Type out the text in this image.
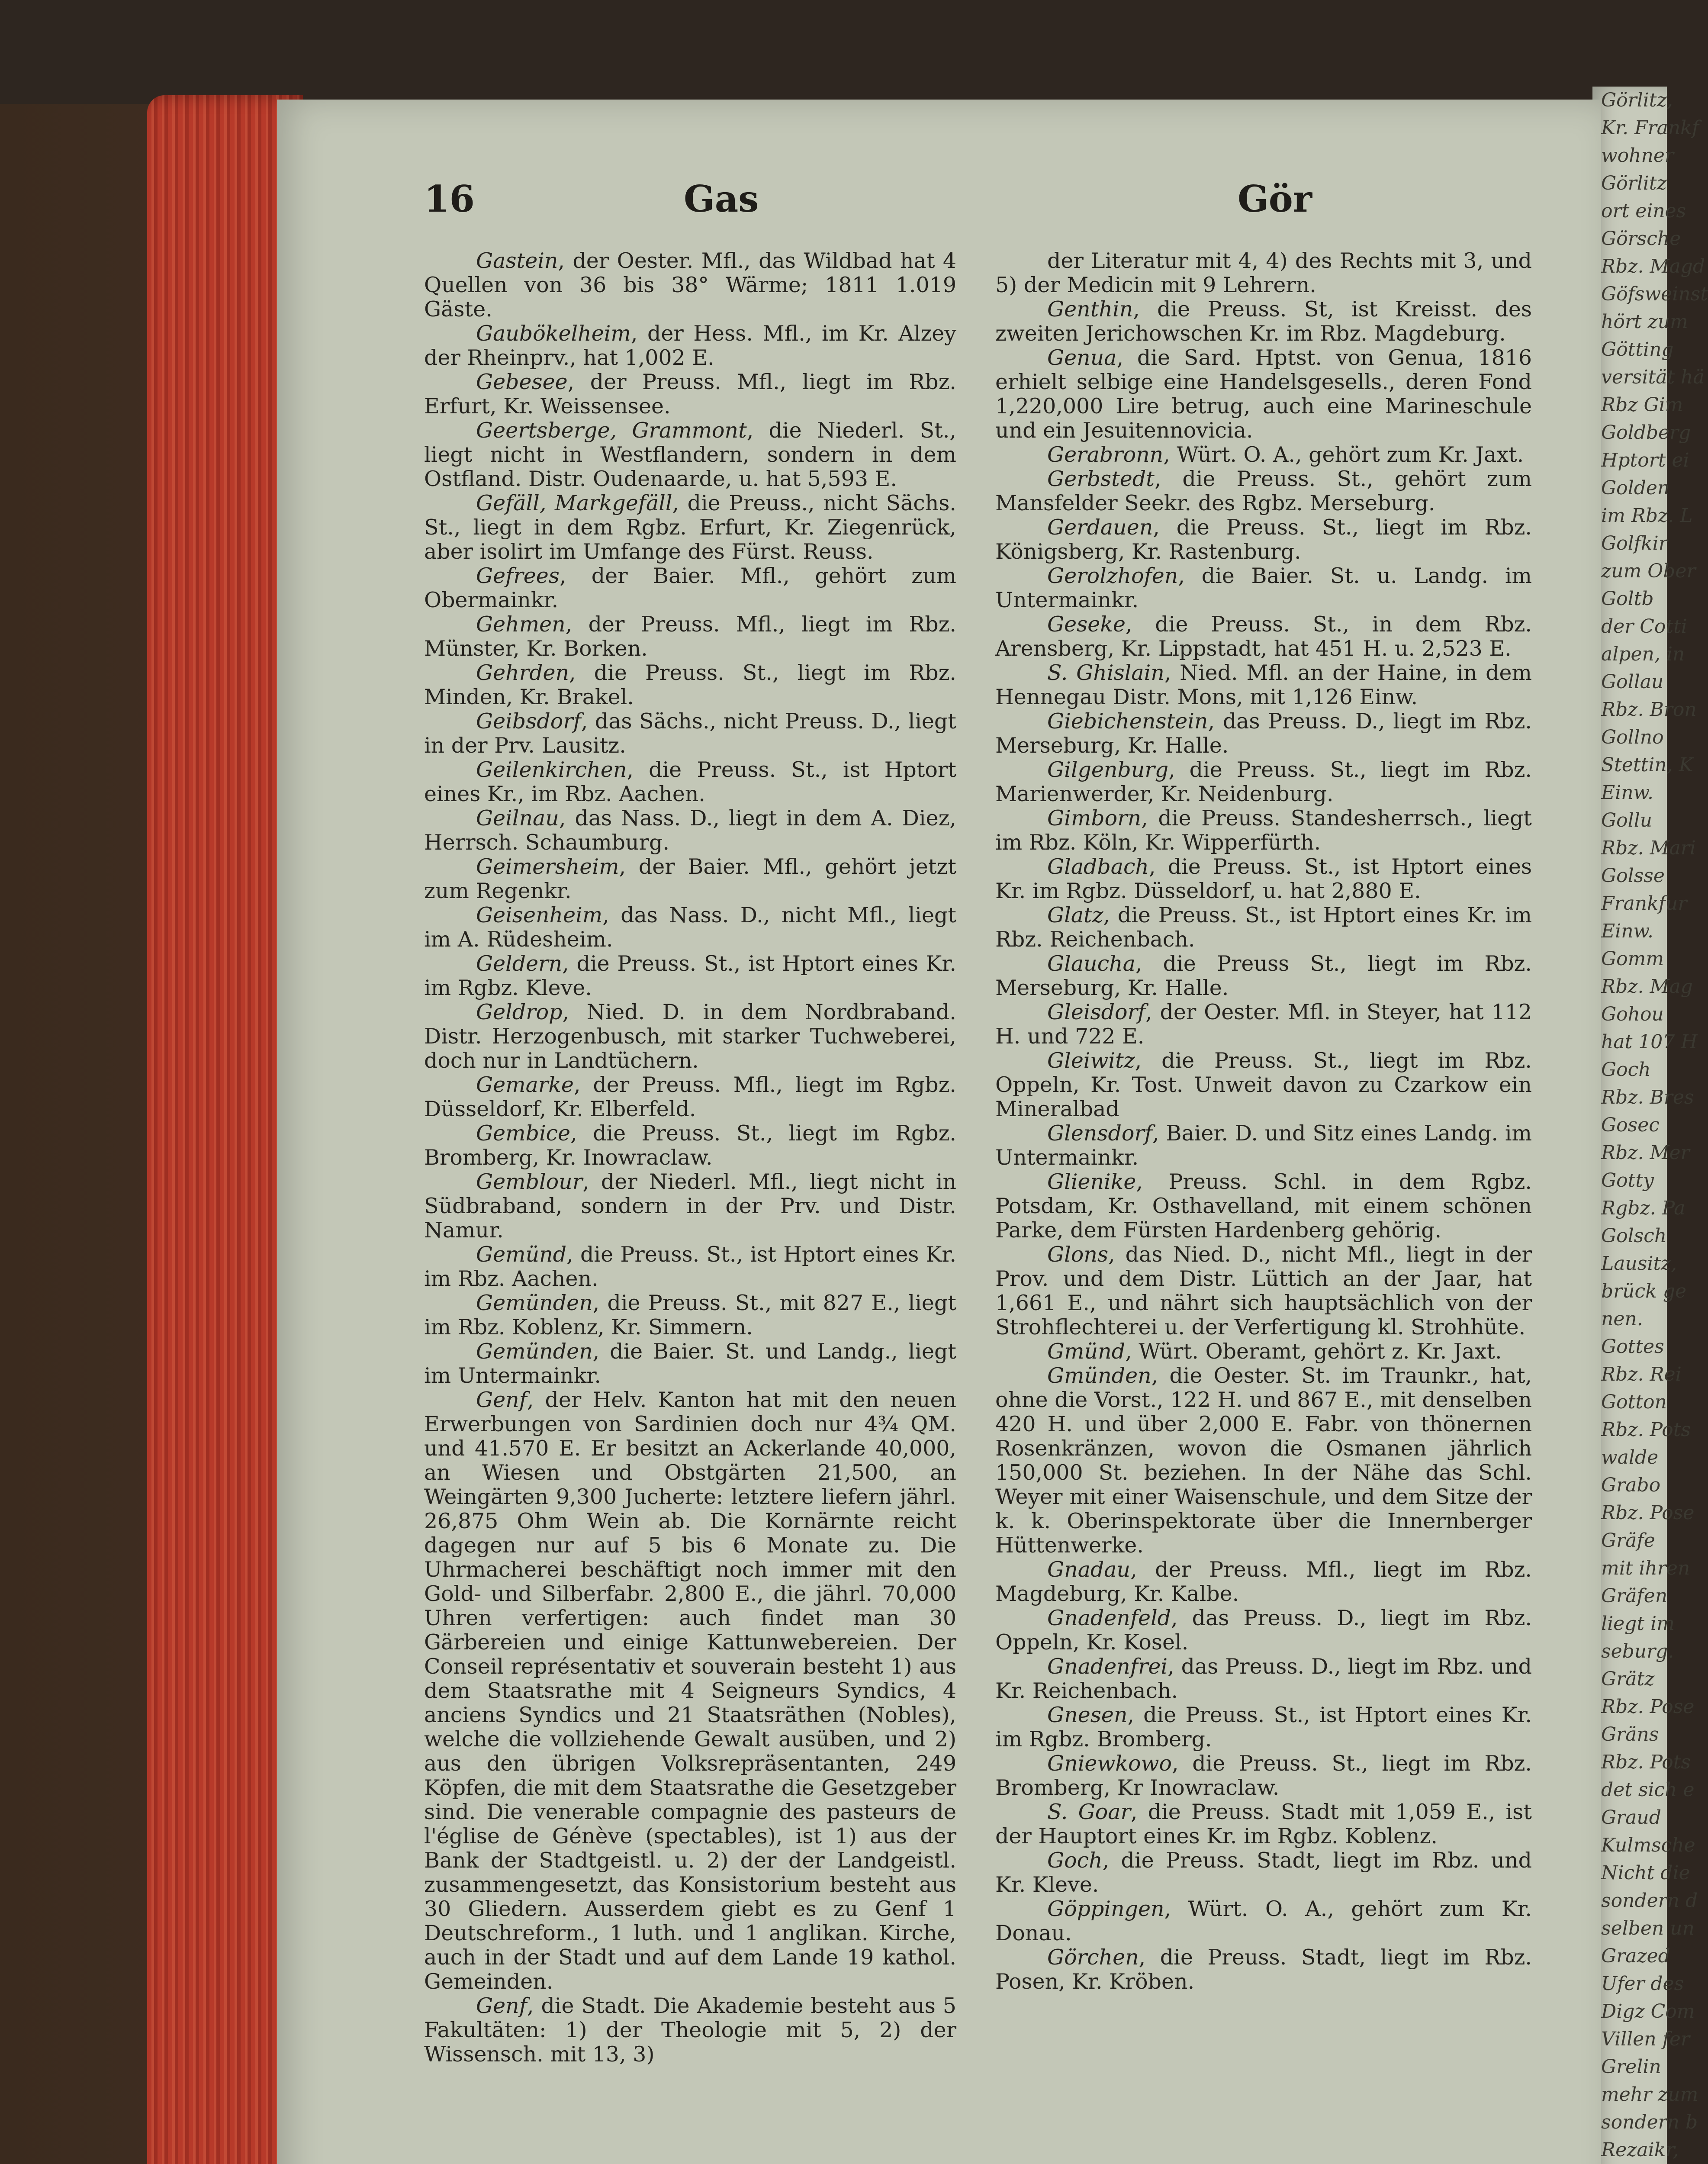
Görlitz,
Kr. Frankf
wohner
Görlitz
ort eines
Görsche
Rbz. Magd
Göfsweinst
hört zum
Götting
versität hä
Rbz Gim
Goldberg
Hptort ei
Golden
im Rbz. L
Golfkir
zum Ober
Goltb
der Cotti
alpen, in
Gollau
Rbz. Bron
Gollno
Stettin, K
Einw.
Gollu
Rbz. Mari
Golsse
Frankfur
Einw.
Gomm
Rbz. Mag
Gohou
hat 107 H
Goch
Rbz. Bres
Gosec
Rbz. Mer
Gotty
Rgbz. Pa
Golsch
Lausitz,
brück ge
nen.
Gottes
Rbz. Rei
Gotton
Rbz. Pots
walde
Grabo
Rbz. Pose
Gräfe
mit ihren
Gräfen
liegt im
seburg.
Grätz
Rbz. Pose
Gräns
Rbz. Pots
det sich e
Graud
Kulmsche
Nicht die
sondern d
selben un
Grazed
Ufer des
Digz Com
Villen fer
Grelin
mehr zum
sondern b
Rezaikr,
16	Gas	Gör

Gastein, der Oester. Mfl., das Wildbad hat 4 Quellen von 36 bis 38° Wärme; 1811 1.019 Gäste.

Gaubökelheim, der Hess. Mfl., im Kr. Alzey der Rheinprv., hat 1,002 E.

Gebesee, der Preuss. Mfl., liegt im Rbz. Erfurt, Kr. Weissensee.

Geertsberge, Grammont, die Niederl. St., liegt nicht in Westflandern, sondern in dem Ostfland. Distr. Oudenaarde, u. hat 5,593 E.

Gefäll, Markgefäll, die Preuss., nicht Sächs. St., liegt in dem Rgbz. Erfurt, Kr. Ziegenrück, aber isolirt im Umfange des Fürst. Reuss.

Gefrees, der Baier. Mfl., gehört zum Obermainkr.

Gehmen, der Preuss. Mfl., liegt im Rbz. Münster, Kr. Borken.

Gehrden, die Preuss. St., liegt im Rbz. Minden, Kr. Brakel.

Geibsdorf, das Sächs., nicht Preuss. D., liegt in der Prv. Lausitz.

Geilenkirchen, die Preuss. St., ist Hptort eines Kr., im Rbz. Aachen.

Geilnau, das Nass. D., liegt in dem A. Diez, Herrsch. Schaumburg.

Geimersheim, der Baier. Mfl., gehört jetzt zum Regenkr.

Geisenheim, das Nass. D., nicht Mfl., liegt im A. Rüdesheim.

Geldern, die Preuss. St., ist Hptort eines Kr. im Rgbz. Kleve.

Geldrop, Nied. D. in dem Nordbraband. Distr. Herzogenbusch, mit starker Tuchweberei, doch nur in Landtüchern.

Gemarke, der Preuss. Mfl., liegt im Rgbz. Düsseldorf, Kr. Elberfeld.

Gembice, die Preuss. St., liegt im Rgbz. Bromberg, Kr. Inowraclaw.

Gemblour, der Niederl. Mfl., liegt nicht in Südbraband, sondern in der Prv. und Distr. Namur.

Gemünd, die Preuss. St., ist Hptort eines Kr. im Rbz. Aachen.

Gemünden, die Preuss. St., mit 827 E., liegt im Rbz. Koblenz, Kr. Simmern.

Gemünden, die Baier. St. und Landg., liegt im Untermainkr.

Genf, der Helv. Kanton hat mit den neuen Erwerbungen von Sardinien doch nur 4¾ QM. und 41.570 E. Er besitzt an Ackerlande 40,000, an Wiesen und Obstgärten 21,500, an Weingärten 9,300 Jucherte: letztere liefern jährl. 26,875 Ohm Wein ab. Die Kornärnte reicht dagegen nur auf 5 bis 6 Monate zu. Die Uhrmacherei beschäftigt noch immer mit den Gold- und Silberfabr. 2,800 E., die jährl. 70,000 Uhren verfertigen: auch findet man 30 Gärbereien und einige Kattunwebereien. Der Conseil représentativ et souverain besteht 1) aus dem Staatsrathe mit 4 Seigneurs Syndics, 4 anciens Syndics und 21 Staatsräthen (Nobles), welche die vollziehende Gewalt ausüben, und 2) aus den übrigen Volksrepräsentanten, 249 Köpfen, die mit dem Staatsrathe die Gesetzgeber sind. Die venerable compagnie des pasteurs de l'église de Génève (spectables), ist 1) aus der Bank der Stadtgeistl. u. 2) der der Landgeistl. zusammengesetzt, das Konsistorium besteht aus 30 Gliedern. Ausserdem giebt es zu Genf 1 Deutschreform., 1 luth. und 1 anglikan. Kirche, auch in der Stadt und auf dem Lande 19 kathol. Gemeinden.

Genf, die Stadt. Die Akademie besteht aus 5 Fakultäten: 1) der Theologie mit 5, 2) der Wissensch. mit 13, 3)

der Literatur mit 4, 4) des Rechts mit 3, und 5) der Medicin mit 9 Lehrern.

Genthin, die Preuss. St, ist Kreisst. des zweiten Jerichowschen Kr. im Rbz. Magdeburg.

Genua, die Sard. Hptst. von Genua, 1816 erhielt selbige eine Handelsgesells., deren Fond 1,220,000 Lire betrug, auch eine Marineschule und ein Jesuitennovicia.

Gerabronn, Würt. O. A., gehört zum Kr. Jaxt.

Gerbstedt, die Preuss. St., gehört zum Mansfelder Seekr. des Rgbz. Merseburg.

Gerdauen, die Preuss. St., liegt im Rbz. Königsberg, Kr. Rastenburg.

Gerolzhofen, die Baier. St. u. Landg. im Untermainkr.

Geseke, die Preuss. St., in dem Rbz. Arensberg, Kr. Lippstadt, hat 451 H. u. 2,523 E.

S. Ghislain, Nied. Mfl. an der Haine, in dem Hennegau Distr. Mons, mit 1,126 Einw.

Giebichenstein, das Preuss. D., liegt im Rbz. Merseburg, Kr. Halle.

Gilgenburg, die Preuss. St., liegt im Rbz. Marienwerder, Kr. Neidenburg.

Gimborn, die Preuss. Standesherrsch., liegt im Rbz. Köln, Kr. Wipperfürth.

Gladbach, die Preuss. St., ist Hptort eines Kr. im Rgbz. Düsseldorf, u. hat 2,880 E.

Glatz, die Preuss. St., ist Hptort eines Kr. im Rbz. Reichenbach.

Glaucha, die Preuss St., liegt im Rbz. Merseburg, Kr. Halle.

Gleisdorf, der Oester. Mfl. in Steyer, hat 112 H. und 722 E.

Gleiwitz, die Preuss. St., liegt im Rbz. Oppeln, Kr. Tost. Unweit davon zu Czarkow ein Mineralbad

Glensdorf, Baier. D. und Sitz eines Landg. im Untermainkr.

Glienike, Preuss. Schl. in dem Rgbz. Potsdam, Kr. Osthavelland, mit einem schönen Parke, dem Fürsten Hardenberg gehörig.

Glons, das Nied. D., nicht Mfl., liegt in der Prov. und dem Distr. Lüttich an der Jaar, hat 1,661 E., und nährt sich hauptsächlich von der Strohflechterei u. der Verfertigung kl. Strohhüte.

Gmünd, Würt. Oberamt, gehört z. Kr. Jaxt.

Gmünden, die Oester. St. im Traunkr., hat, ohne die Vorst., 122 H. und 867 E., mit denselben 420 H. und über 2,000 E. Fabr. von thönernen Rosenkränzen, wovon die Osmanen jährlich 150,000 St. beziehen. In der Nähe das Schl. Weyer mit einer Waisenschule, und dem Sitze der k. k. Oberinspektorate über die Innernberger Hüttenwerke.

Gnadau, der Preuss. Mfl., liegt im Rbz. Magdeburg, Kr. Kalbe.

Gnadenfeld, das Preuss. D., liegt im Rbz. Oppeln, Kr. Kosel.

Gnadenfrei, das Preuss. D., liegt im Rbz. und Kr. Reichenbach.

Gnesen, die Preuss. St., ist Hptort eines Kr. im Rgbz. Bromberg.

Gniewkowo, die Preuss. St., liegt im Rbz. Bromberg, Kr Inowraclaw.

S. Goar, die Preuss. Stadt mit 1,059 E., ist der Hauptort eines Kr. im Rgbz. Koblenz.

Goch, die Preuss. Stadt, liegt im Rbz. und Kr. Kleve.

Göppingen, Würt. O. A., gehört zum Kr. Donau.

Görchen, die Preuss. Stadt, liegt im Rbz. Posen, Kr. Kröben.
